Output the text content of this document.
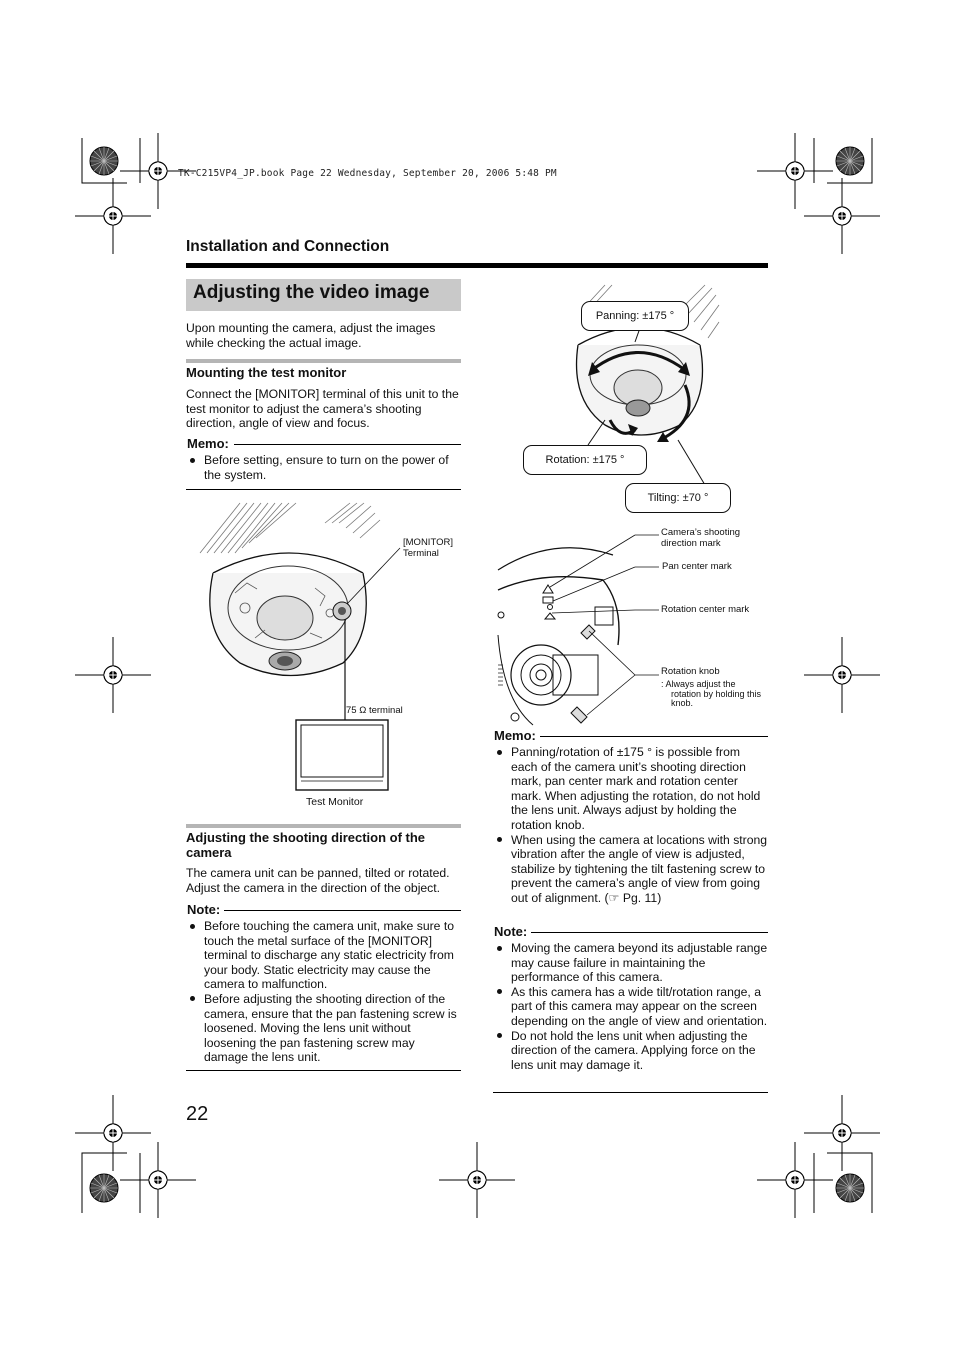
TK-C215VP4_JP.book Page 22 Wednesday, September 20, 2006 5:48 PM
Installation and Connection
Adjusting the video image
Upon mounting the camera, adjust the images while checking the actual image.
Mounting the test monitor
Connect the [MONITOR] terminal of this unit to the test monitor to adjust the camera’s shooting direction, angle of view and focus.
Memo:
Before setting, ensure to turn on the power of the system.
[MONITOR]
Terminal
75 Ω terminal
Test Monitor
Adjusting the shooting direction of the
camera
The camera unit can be panned, tilted or rotated. Adjust the camera in the direction of the object.
Note:
Before touching the camera unit, make sure to touch the metal surface of the [MONITOR] terminal to discharge any static electricity from your body. Static electricity may cause the camera to malfunction.
Before adjusting the shooting direction of the camera, ensure that the pan fastening screw is loosened. Moving the lens unit without loosening the pan fastening screw may damage the lens unit.
Panning: ±175 °
Rotation: ±175 °
Tilting: ±70 °
Camera’s shooting
direction mark
Pan center mark
Rotation center mark
Rotation knob
: Always adjust the
rotation by holding this
knob.
Memo:
Panning/rotation of ±175 ° is possible from each of the camera unit’s shooting direction mark, pan center mark and rotation center mark. When adjusting the rotation, do not hold the lens unit. Always adjust by holding the rotation knob.
When using the camera at locations with strong vibration after the angle of view is adjusted, stabilize by tightening the tilt fastening screw to prevent the camera’s angle of view from going out of alignment. (☞ Pg. 11)
Note:
Moving the camera beyond its adjustable range may cause failure in maintaining the performance of this camera.
As this camera has a wide tilt/rotation range, a part of this camera may appear on the screen depending on the angle of view and orientation.
Do not hold the lens unit when adjusting the direction of the camera. Applying force on the lens unit may damage it.
22
